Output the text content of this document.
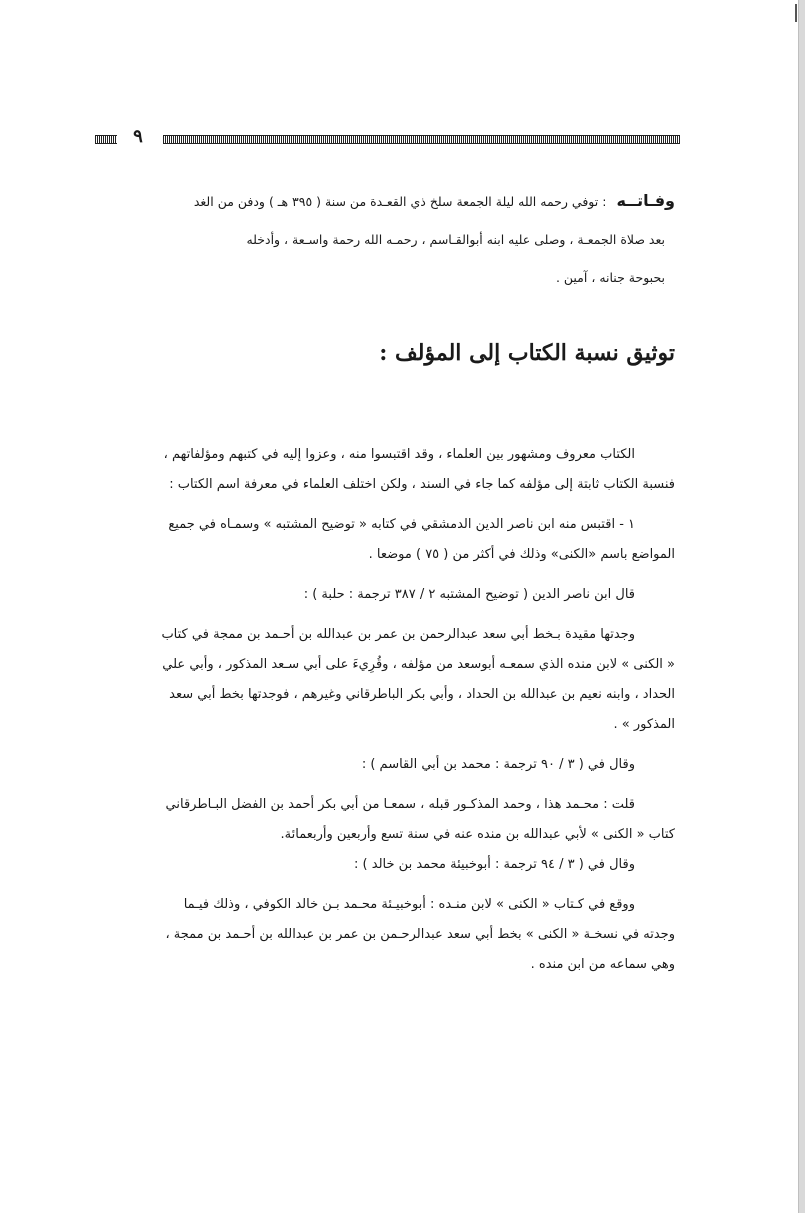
٩
وفـاتــه: توفي رحمه الله ليلة الجمعة سلخ ذي القعـدة من سنة ( ٣٩٥ هـ ) ودفن من الغد
بعد صلاة الجمعـة ، وصلى عليه ابنه أبوالقـاسم ، رحمـه الله رحمة واسـعة ، وأدخله
بحبوحة جنانه ، آمين .
توثيق نسبة الكتاب إلى المؤلف :
الكتاب معروف ومشهور بين العلماء ، وقد اقتبسوا منه ، وعزوا إليه في كتبهم ومؤلفاتهم ،
فنسبة الكتاب ثابتة إلى مؤلفه كما جاء في السند ، ولكن اختلف العلماء في معرفة اسم الكتاب :
١ - اقتبس منه ابن ناصر الدين الدمشقي في كتابه « توضيح المشتبه » وسمـاه في جميع
المواضع باسم «الكنى» وذلك في أكثر من ( ٧٥ ) موضعا .
قال ابن ناصر الدين ( توضيح المشتبه ٢ / ٣٨٧ ترجمة : حلبة ) :
وجدتها مقيدة بـخط أبي سعد عبدالرحمن بن عمر بن عبدالله بن أحـمد بن ممجة في كتاب
« الكنى » لابن منده الذي سمعـه أبوسعد من مؤلفه ، وقُرِيءَ على أبي سـعد المذكور ، وأبي علي
الحداد ، وابنه نعيم بن عبدالله بن الحداد ، وأبي بكر الباطرقاني وغيرهم ، فوجدتها بخط أبي سعد
المذكور » .
وقال في ( ٣ / ٩٠ ترجمة : محمد بن أبي القاسم ) :
قلت : محـمد هذا ، وحمد المذكـور قبله ، سمعـا من أبي بكر أحمد بن الفضل البـاطرقاني
كتاب « الكنى » لأبي عبدالله بن منده عنه في سنة تسع وأربعين وأربعمائة.
وقال في ( ٣ / ٩٤ ترجمة : أبوخبيئة محمد بن خالد ) :
ووقع في كـتاب « الكنى » لابن منـده : أبوخبيـئة محـمد بـن خالد الكوفي ، وذلك فيـما
وجدته في نسخـة « الكنى » بخط أبي سعد عبدالرحـمن بن عمر بن عبدالله بن أحـمد بن ممجة ،
وهي سماعه من ابن منده .
